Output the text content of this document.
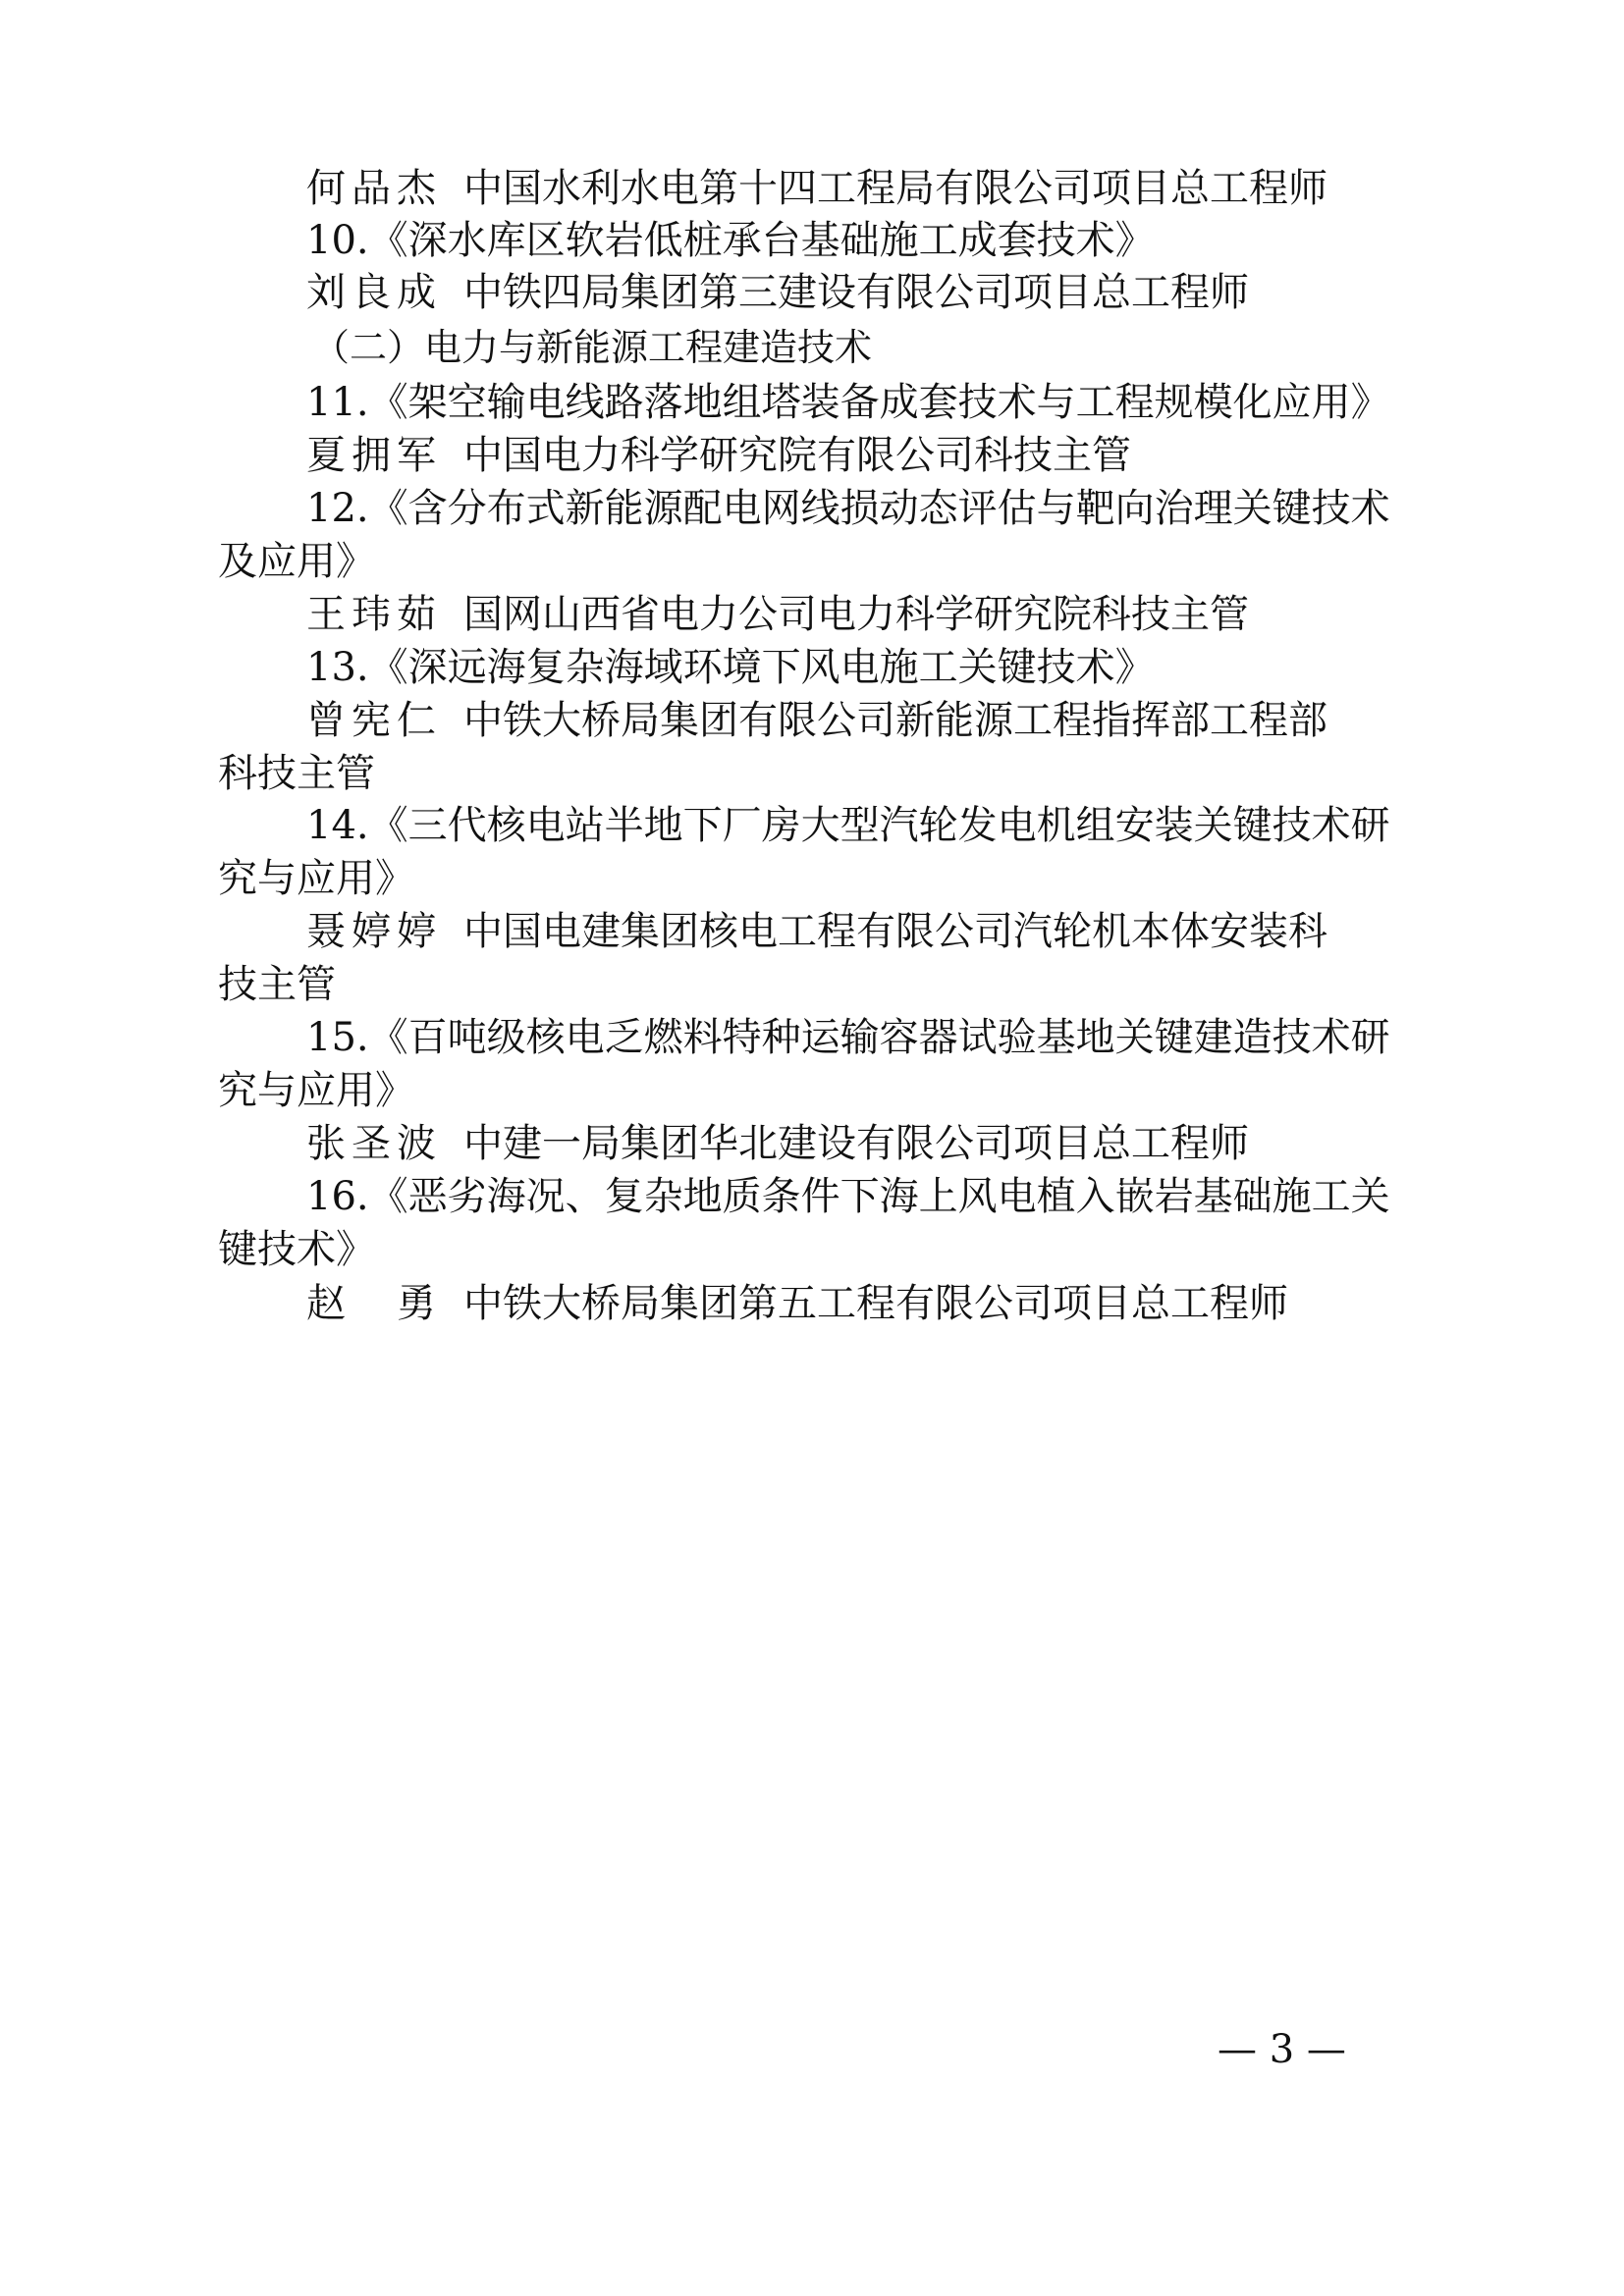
何品杰 中国水利水电第十四工程局有限公司项目总工程师
10.《深水库区软岩低桩承台基础施工成套技术》
刘良成 中铁四局集团第三建设有限公司项目总工程师
（二）电力与新能源工程建造技术
11.《架空输电线路落地组塔装备成套技术与工程规模化应用》
夏拥军 中国电力科学研究院有限公司科技主管
12.《含分布式新能源配电网线损动态评估与靶向治理关键技术
及应用》
王玮茹 国网山西省电力公司电力科学研究院科技主管
13.《深远海复杂海域环境下风电施工关键技术》
曾宪仁 中铁大桥局集团有限公司新能源工程指挥部工程部
科技主管
14.《三代核电站半地下厂房大型汽轮发电机组安装关键技术研
究与应用》
聂婷婷 中国电建集团核电工程有限公司汽轮机本体安装科
技主管
15.《百吨级核电乏燃料特种运输容器试验基地关键建造技术研
究与应用》
张圣波 中建一局集团华北建设有限公司项目总工程师
16.《恶劣海况、复杂地质条件下海上风电植入嵌岩基础施工关
键技术》
赵　勇 中铁大桥局集团第五工程有限公司项目总工程师
— 3 —
